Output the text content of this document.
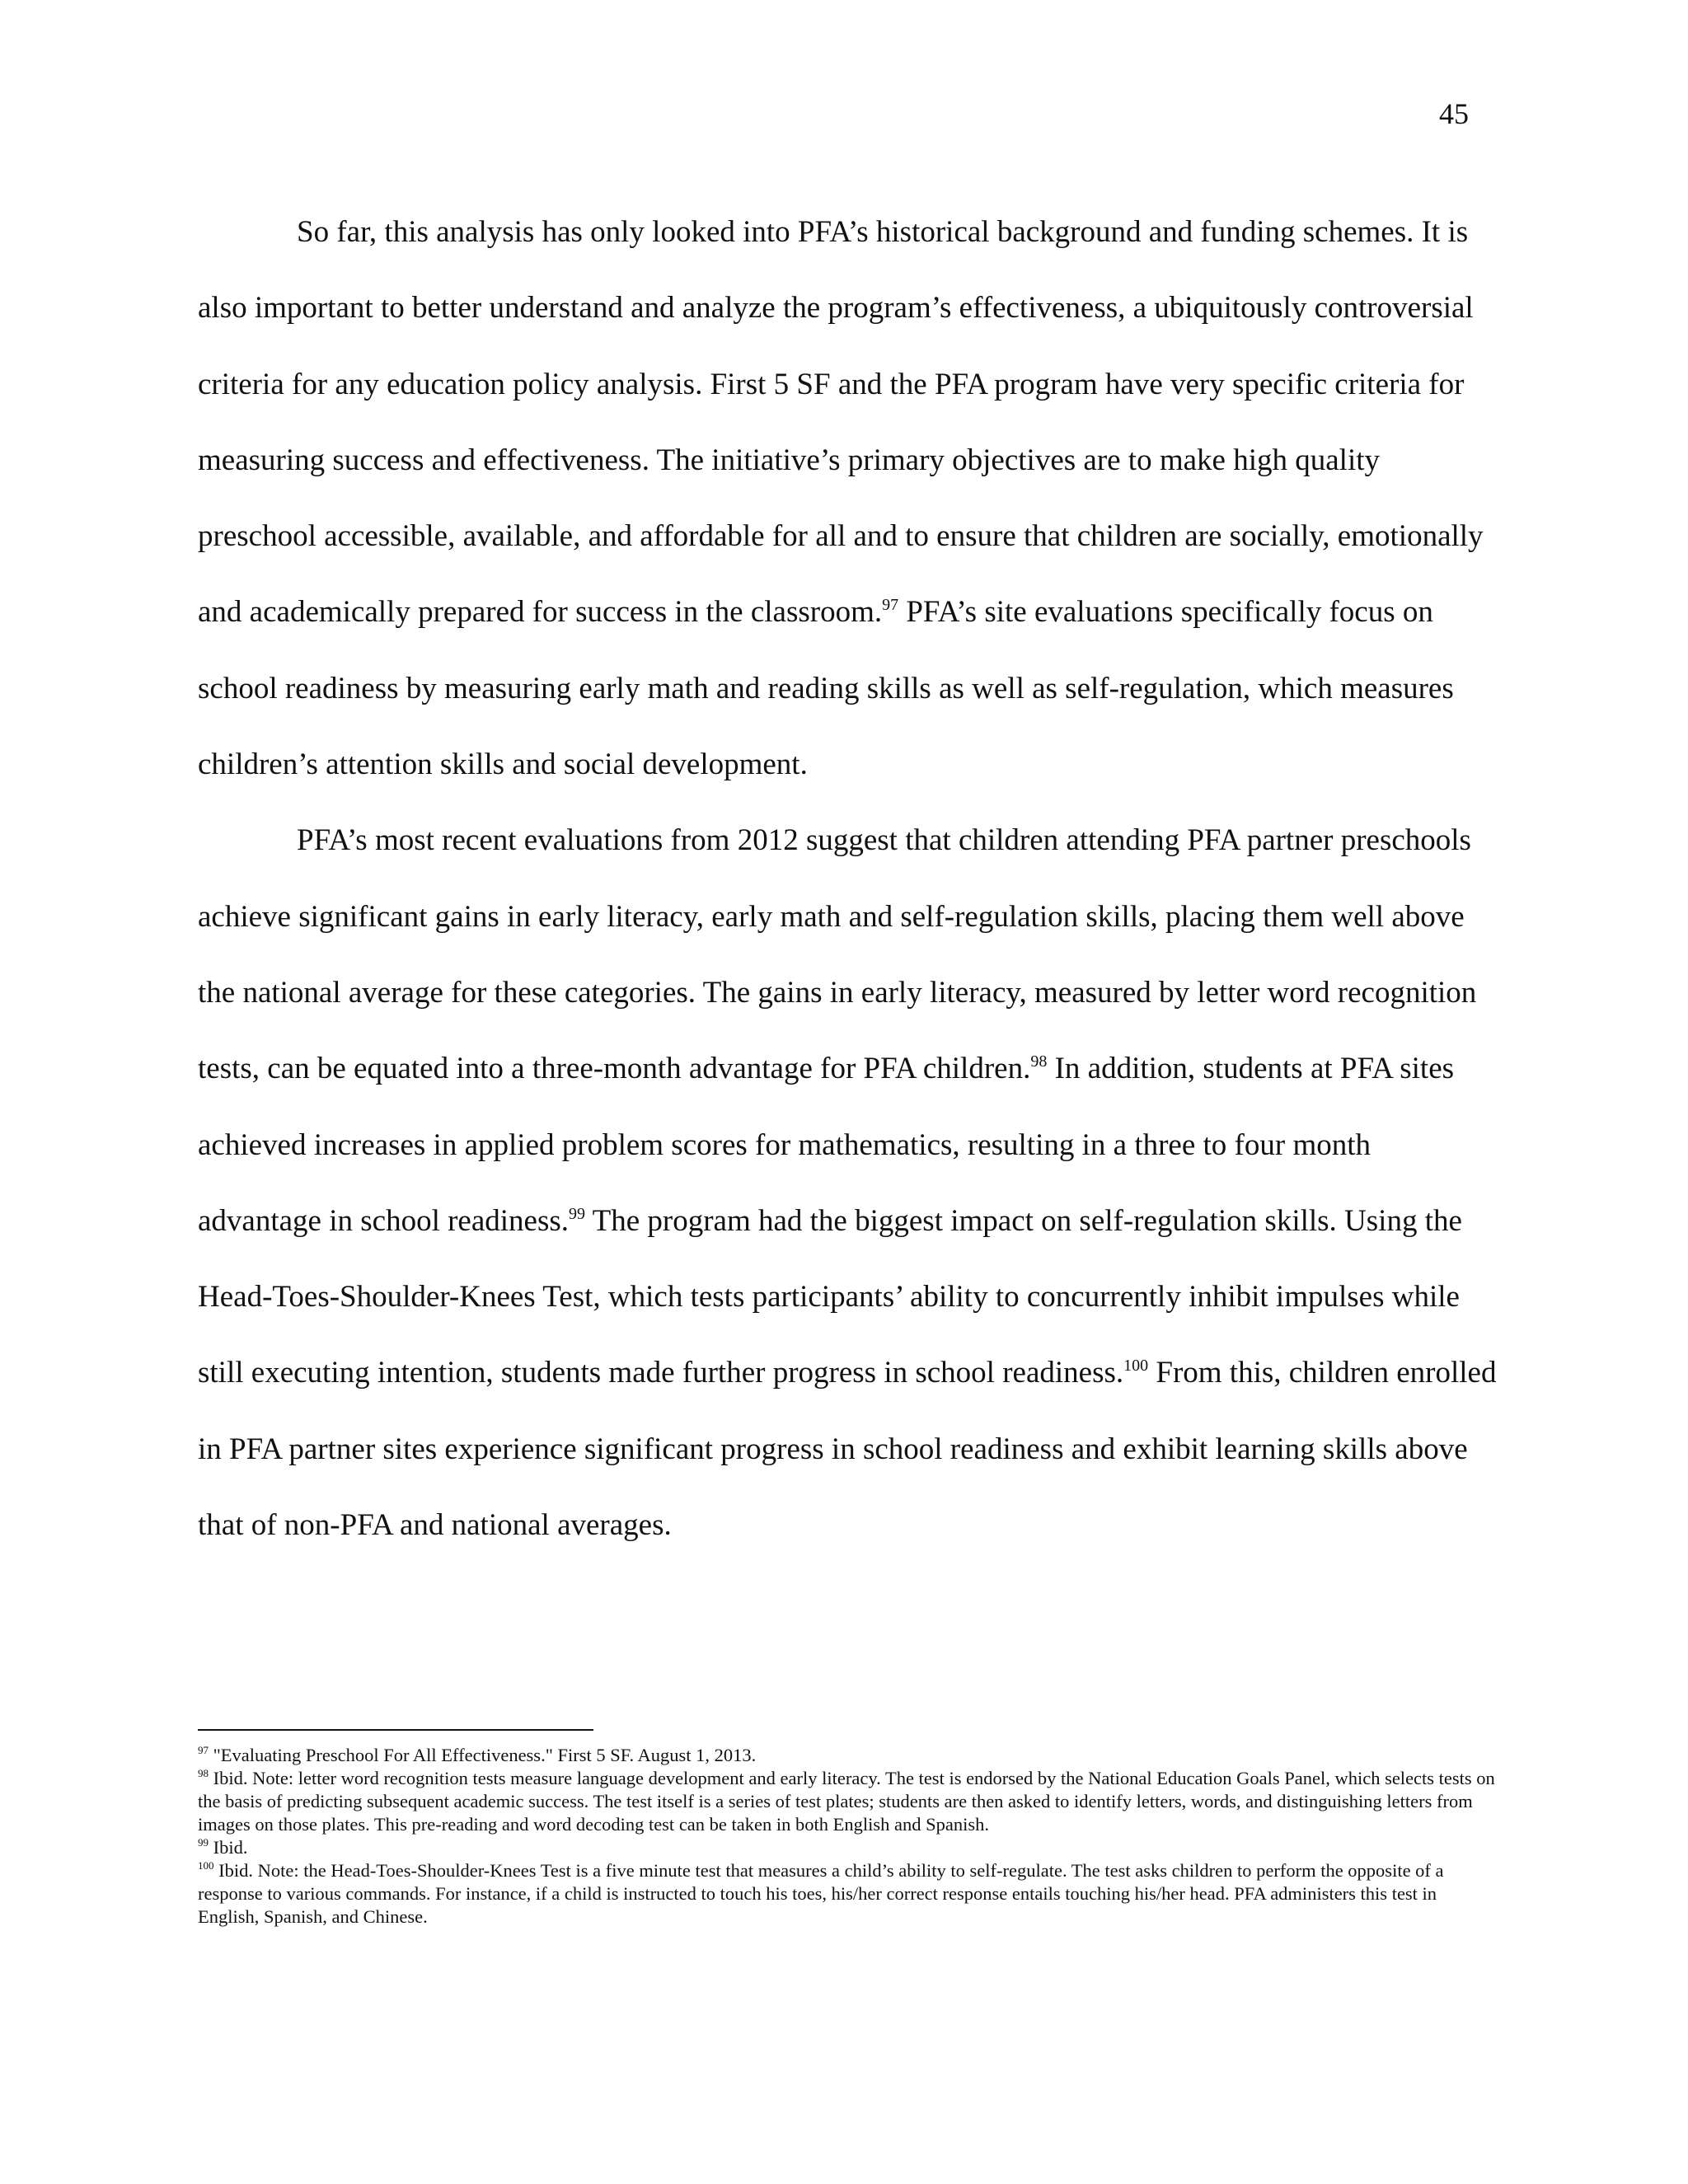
45

So far, this analysis has only looked into PFA’s historical background and funding schemes. It is also important to better understand and analyze the program’s effectiveness, a ubiquitously controversial criteria for any education policy analysis. First 5 SF and the PFA program have very specific criteria for measuring success and effectiveness. The initiative’s primary objectives are to make high quality preschool accessible, available, and affordable for all and to ensure that children are socially, emotionally and academically prepared for success in the classroom.$^{97}$ PFA’s site evaluations specifically focus on school readiness by measuring early math and reading skills as well as self-regulation, which measures children’s attention skills and social development.

PFA’s most recent evaluations from 2012 suggest that children attending PFA partner preschools achieve significant gains in early literacy, early math and self-regulation skills, placing them well above the national average for these categories. The gains in early literacy, measured by letter word recognition tests, can be equated into a three-month advantage for PFA children.$^{98}$ In addition, students at PFA sites achieved increases in applied problem scores for mathematics, resulting in a three to four month advantage in school readiness.$^{99}$ The program had the biggest impact on self-regulation skills. Using the Head-Toes-Shoulder-Knees Test, which tests participants’ ability to concurrently inhibit impulses while still executing intention, students made further progress in school readiness.$^{100}$ From this, children enrolled in PFA partner sites experience significant progress in school readiness and exhibit learning skills above that of non-PFA and national averages.

$^{97}$ "Evaluating Preschool For All Effectiveness." First 5 SF. August 1, 2013.

$^{98}$ Ibid. Note: letter word recognition tests measure language development and early literacy. The test is endorsed by the National Education Goals Panel, which selects tests on the basis of predicting subsequent academic success. The test itself is a series of test plates; students are then asked to identify letters, words, and distinguishing letters from images on those plates. This pre-reading and word decoding test can be taken in both English and Spanish.

$^{99}$ Ibid.

$^{100}$ Ibid. Note: the Head-Toes-Shoulder-Knees Test is a five minute test that measures a child’s ability to self-regulate. The test asks children to perform the opposite of a response to various commands. For instance, if a child is instructed to touch his toes, his/her correct response entails touching his/her head. PFA administers this test in English, Spanish, and Chinese.
